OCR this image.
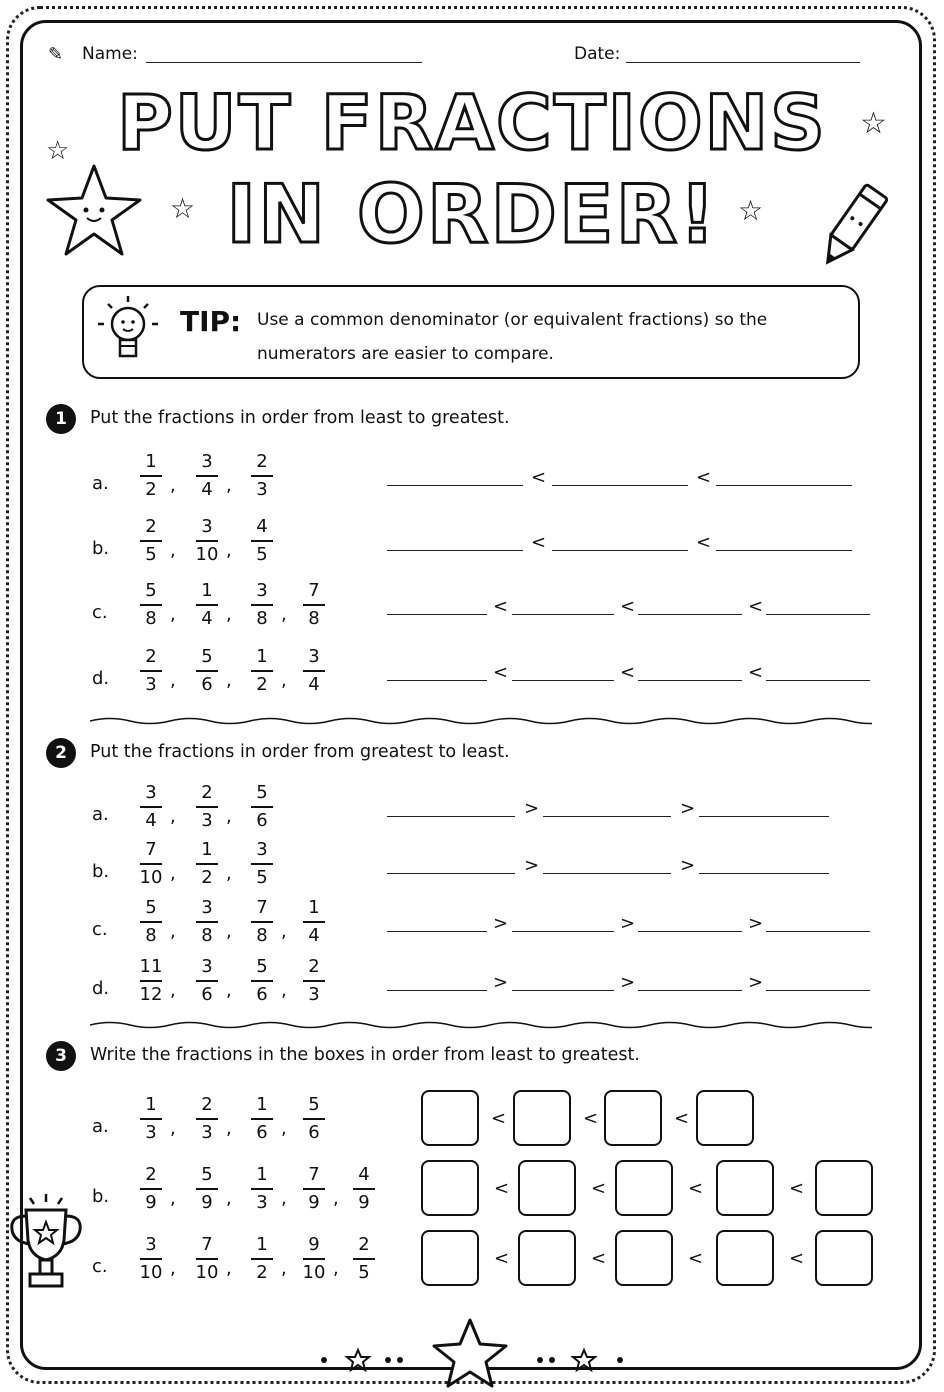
✎ Name:	Date:
PUT FRACTIONS
IN ORDER!
☆
☆
☆
☆
TIP: Use a common denominator (or equivalent fractions) so the numerators are easier to compare.
1	Put the fractions in order from least to greatest.
2	Put the fractions in order from greatest to least.
3	Write the fractions in the boxes in order from least to greatest.
a.
1
2 ,
3
4 ,
2
3
<	<
b.
2
5 ,
3
10 ,
4
5
<	<
c.
5
8 ,
1
4 ,
3
8 ,
7
8
<	<	<
d.
2
3 ,
5
6 ,
1
2 ,
3
4
<	<	<
a.
3
4 ,
2
3 ,
5
6
>	>
b.
7
10 ,
1
2 ,
3
5
>	>
c.
5
8 ,
3
8 ,
7
8 ,
1
4
>	>	>
d.
11
12 ,
3
6 ,
5
6 ,
2
3
>	>	>
a.
1
3 ,
2
3 ,
1
6 ,
5
6
<	<	<
b.
2
9 ,
5
9 ,
1
3 ,
7
9 ,
4
9
<	<	<	<
c.
3
10 ,
7
10 ,
1
2 ,
9
10 ,
2
5
<	<	<	<
